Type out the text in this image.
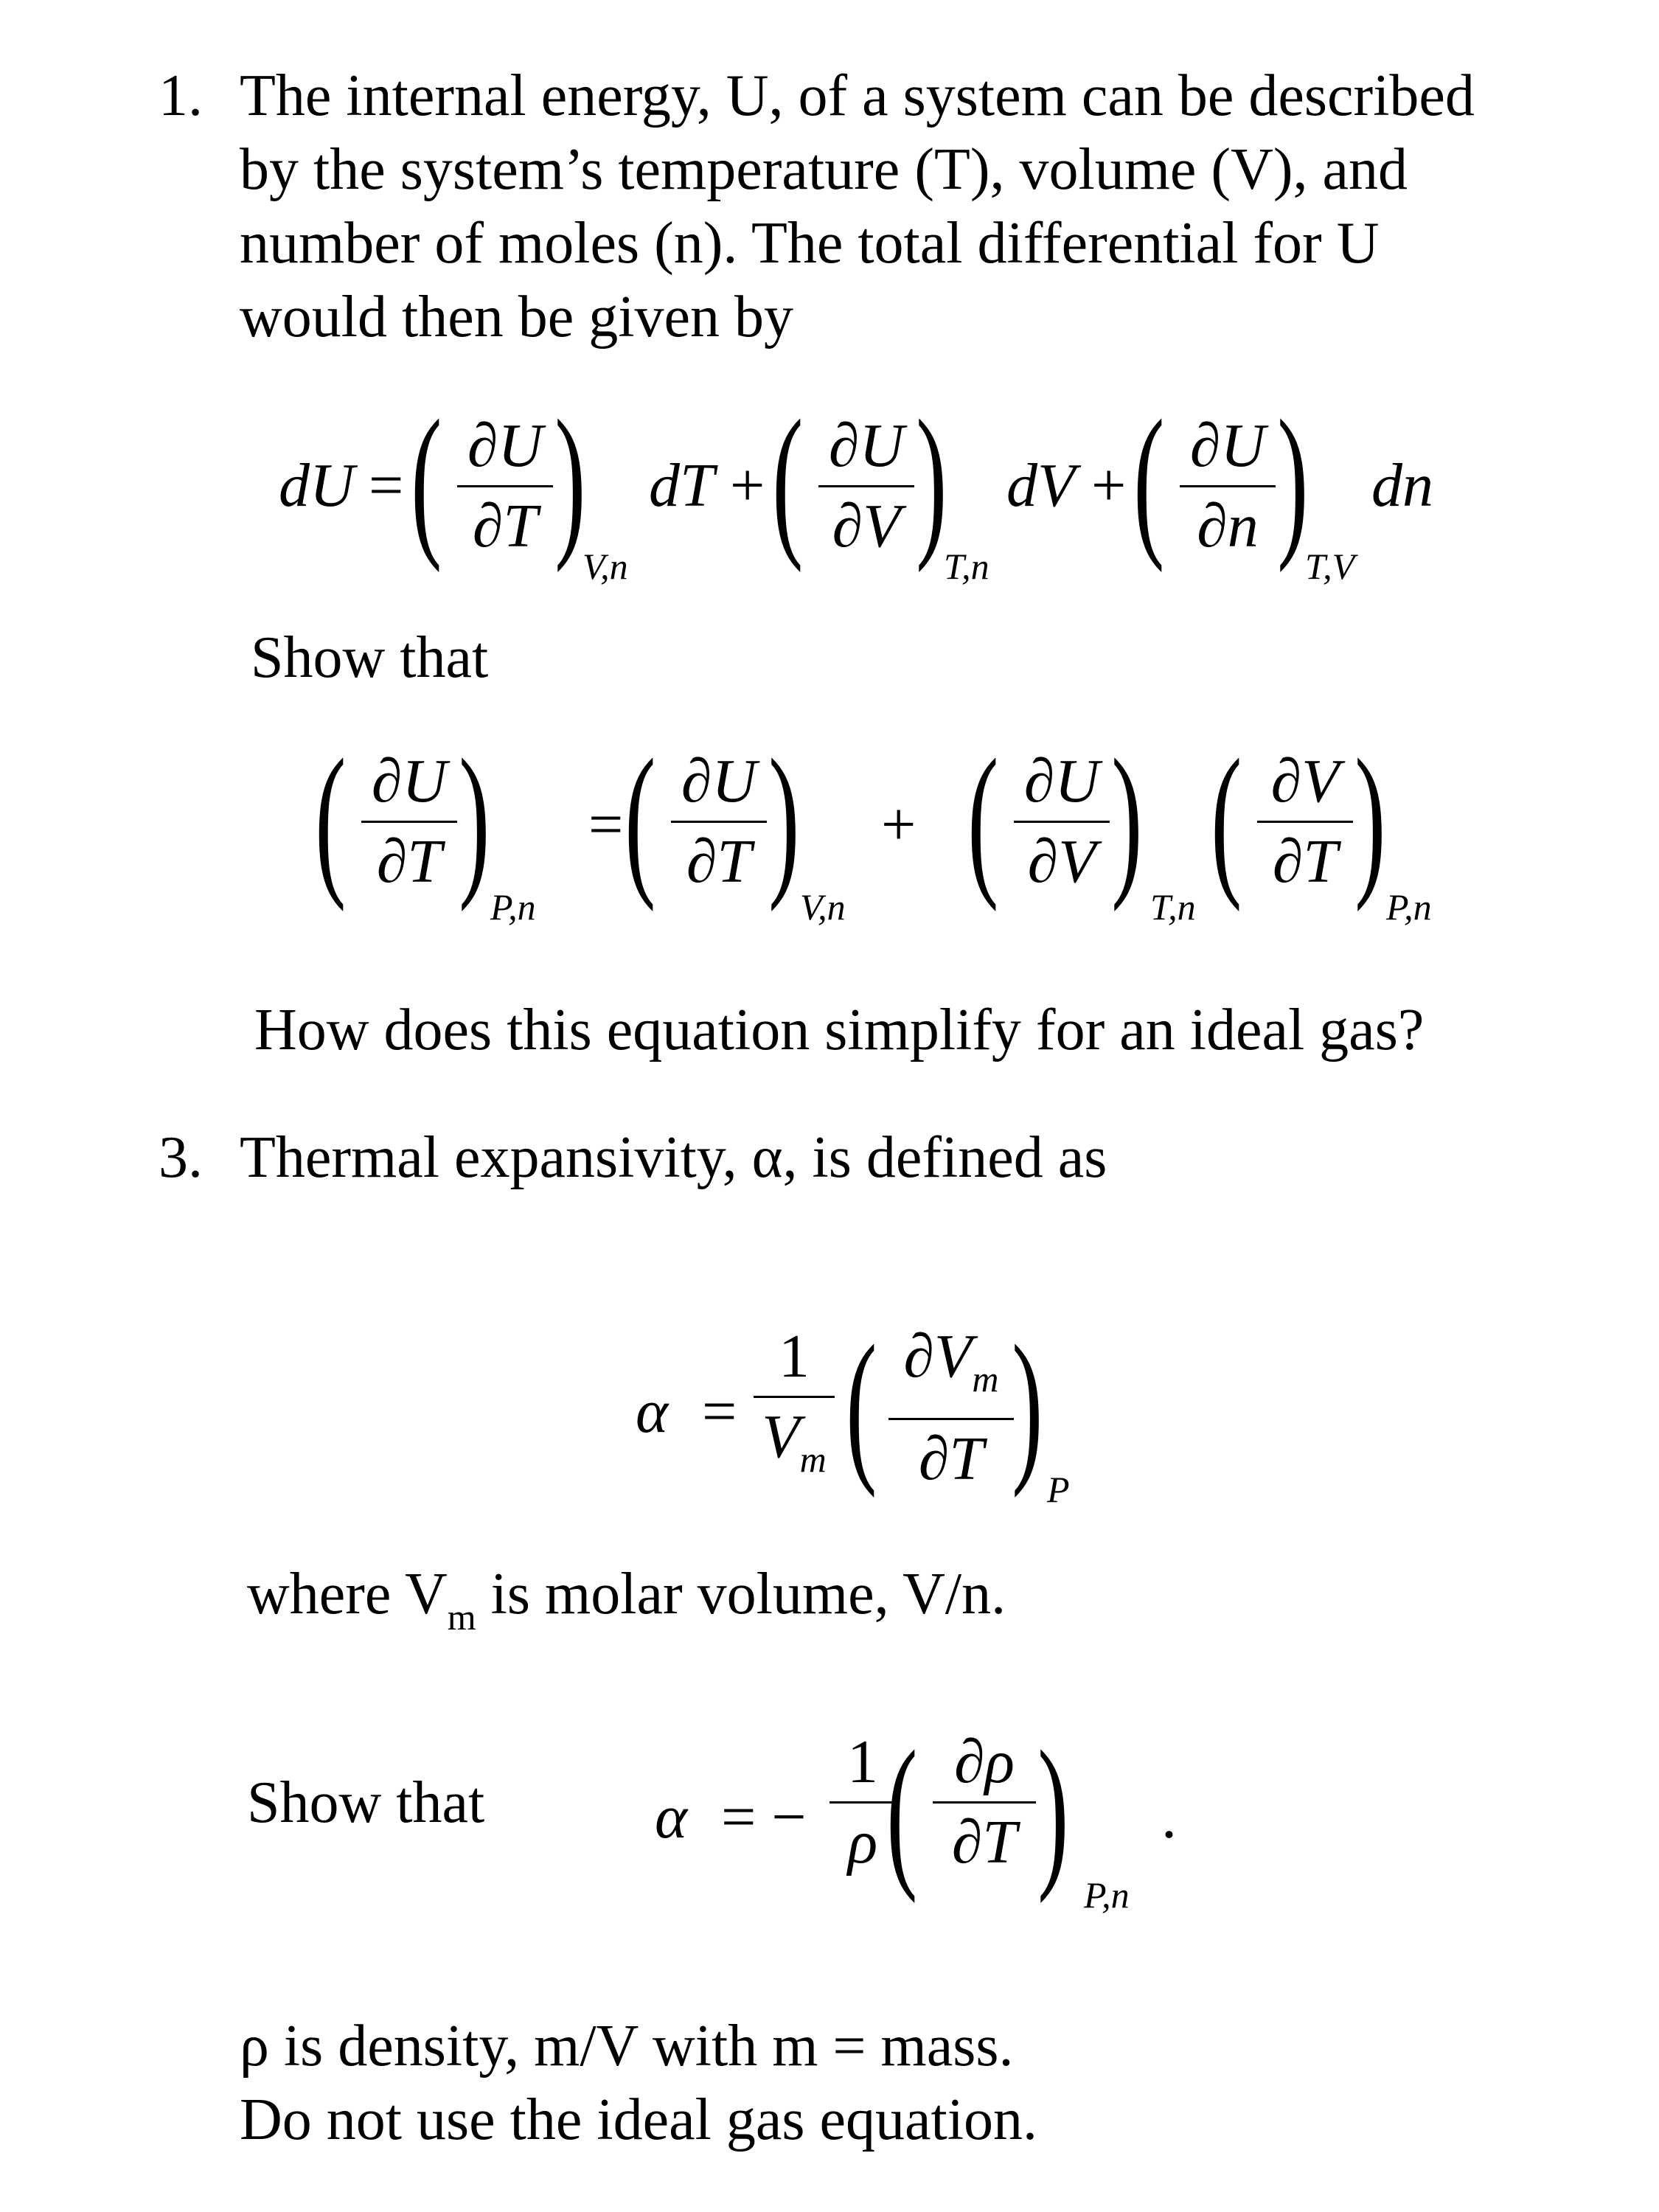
1. The internal energy, U, of a system can be described
by the system’s temperature (T), volume (V), and
number of moles (n). The total differential for U
would then be given by
dU = ( ∂U
∂T )
V,n
dT + ( ∂U
∂V )
T,n
dV + ( ∂U
∂n )
T,V
dn
Show that
( ∂U
∂T ) P,n
= ( ∂U
∂T ) V,n
+ ( ∂U
∂V ) T,n ( ∂V
∂T ) P,n
How does this equation simplify for an ideal gas?
3. Thermal expansivity, α, is defined as
α =
1
$V_m$ ( $\partial V_m$
∂T ) P
where $V_m$ is molar volume, V/n.
Show that	α = −
1
ρ ( ∂ρ
∂T ) P,n
.
ρ is density, m/V with m = mass.
Do not use the ideal gas equation.
